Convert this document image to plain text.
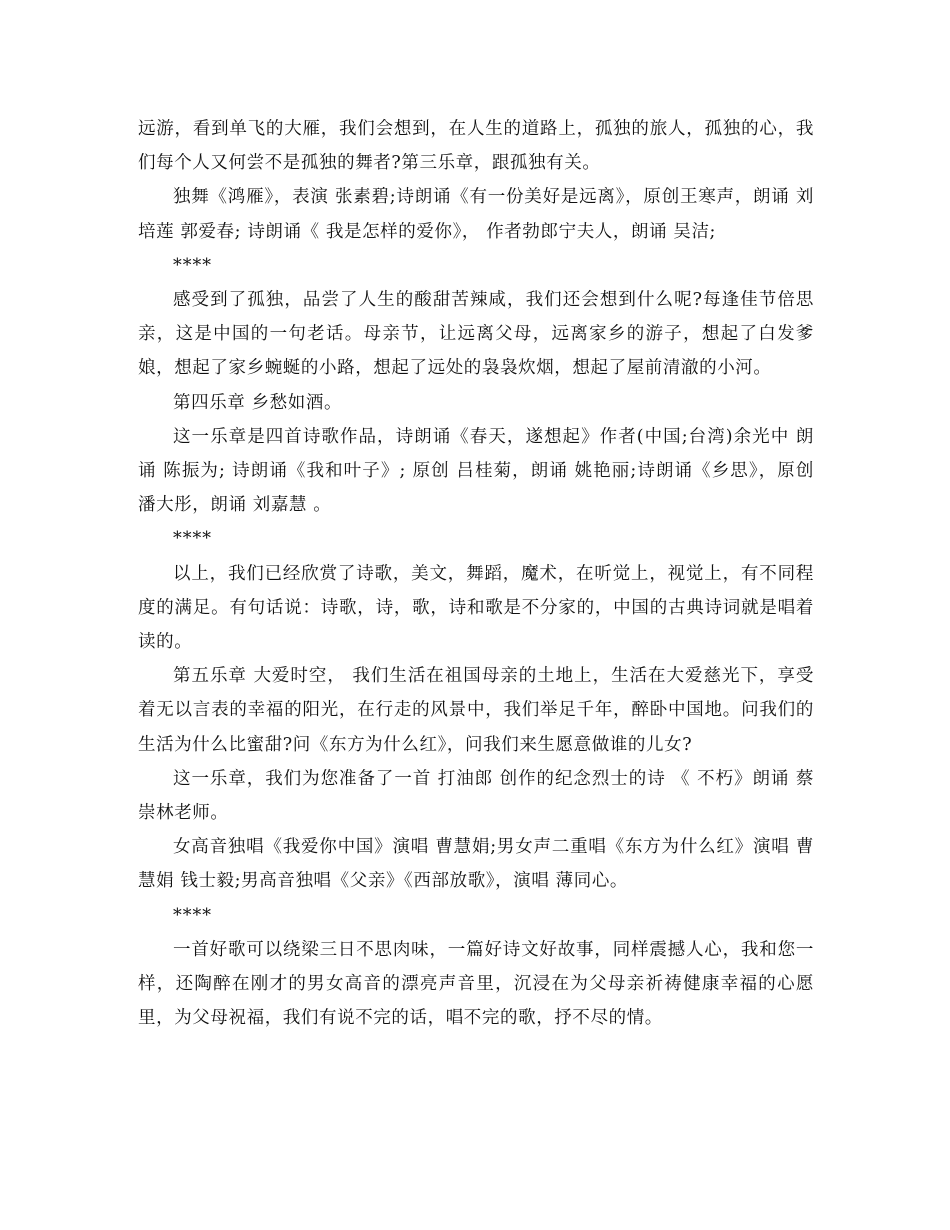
远游，看到单飞的大雁，我们会想到，在人生的道路上，孤独的旅人，孤独的心，我们每个人又何尝不是孤独的舞者?第三乐章，跟孤独有关。

独舞《鸿雁》，表演 张素碧;诗朗诵《有一份美好是远离》，原创王寒声，朗诵 刘培莲 郭爱春; 诗朗诵《 我是怎样的爱你》， 作者勃郎宁夫人，朗诵 吴洁;

****

感受到了孤独，品尝了人生的酸甜苦辣咸，我们还会想到什么呢?每逢佳节倍思亲，这是中国的一句老话。母亲节，让远离父母，远离家乡的游子，想起了白发爹娘，想起了家乡蜿蜒的小路，想起了远处的袅袅炊烟，想起了屋前清澈的小河。

第四乐章 乡愁如酒。

这一乐章是四首诗歌作品，诗朗诵《春天，遂想起》作者(中国;台湾)余光中 朗诵 陈振为; 诗朗诵《我和叶子》; 原创 吕桂菊，朗诵 姚艳丽;诗朗诵《乡思》，原创 潘大彤，朗诵 刘嘉慧 。

****

以上，我们已经欣赏了诗歌，美文，舞蹈，魔术，在听觉上，视觉上，有不同程度的满足。有句话说：诗歌，诗，歌，诗和歌是不分家的，中国的古典诗词就是唱着读的。

第五乐章 大爱时空， 我们生活在祖国母亲的土地上，生活在大爱慈光下，享受着无以言表的幸福的阳光，在行走的风景中，我们举足千年，醉卧中国地。问我们的生活为什么比蜜甜?问《东方为什么红》，问我们来生愿意做谁的儿女?

这一乐章，我们为您准备了一首 打油郎 创作的纪念烈士的诗 《 不朽》朗诵 蔡崇林老师。

女高音独唱《我爱你中国》演唱 曹慧娟;男女声二重唱《东方为什么红》演唱 曹慧娟 钱士毅;男高音独唱《父亲》《西部放歌》，演唱 薄同心。

****

一首好歌可以绕梁三日不思肉味，一篇好诗文好故事，同样震撼人心，我和您一样，还陶醉在刚才的男女高音的漂亮声音里，沉浸在为父母亲祈祷健康幸福的心愿里，为父母祝福，我们有说不完的话，唱不完的歌，抒不尽的情。
